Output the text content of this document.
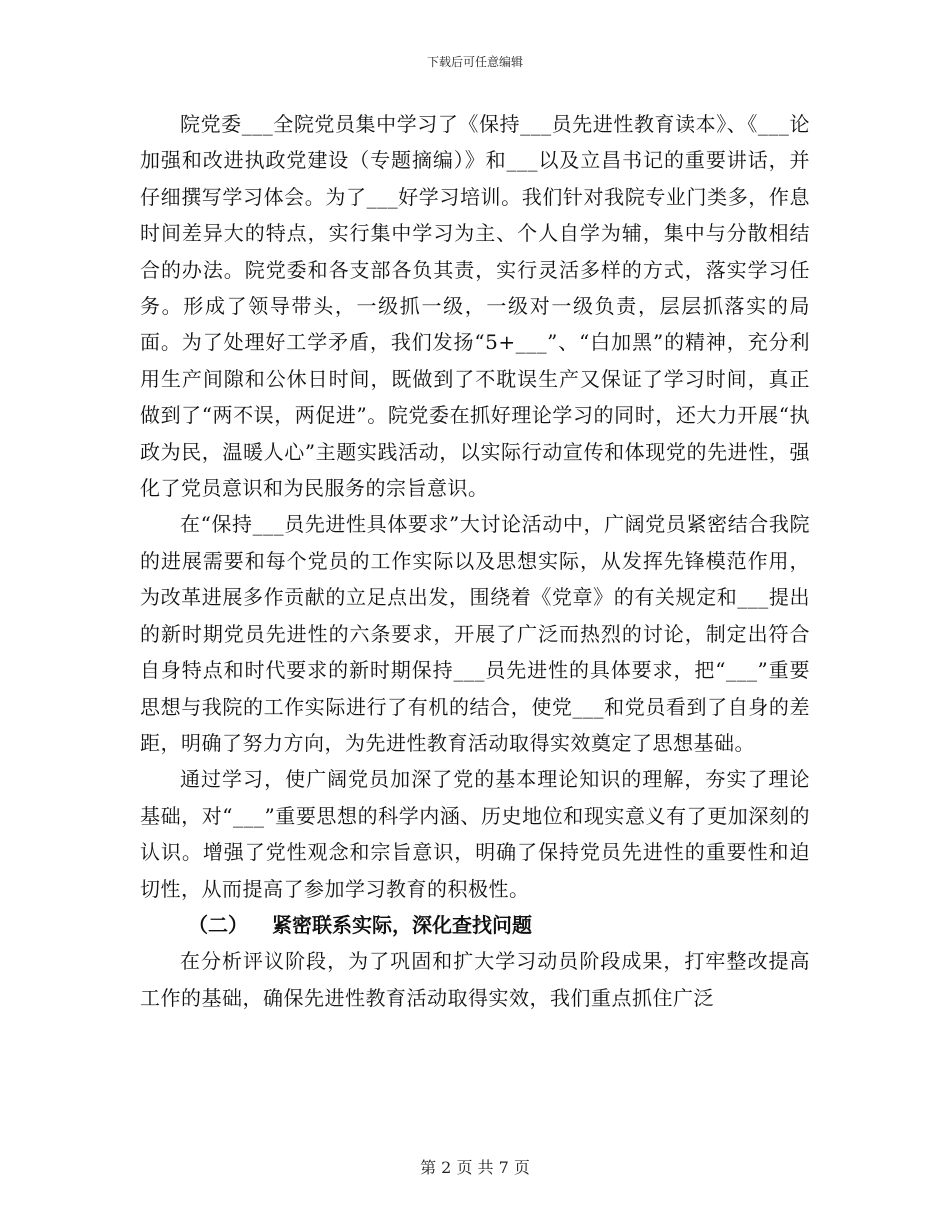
下载后可任意编辑

院党委___全院党员集中学习了《保持___员先进性教育读本》、《___论加强和改进执政党建设（专题摘编）》和___以及立昌书记的重要讲话，并仔细撰写学习体会。为了___好学习培训。我们针对我院专业门类多，作息时间差异大的特点，实行集中学习为主、个人自学为辅，集中与分散相结合的办法。院党委和各支部各负其责，实行灵活多样的方式，落实学习任务。形成了领导带头，一级抓一级，一级对一级负责，层层抓落实的局面。为了处理好工学矛盾，我们发扬“5+___”、“白加黑”的精神，充分利用生产间隙和公休日时间，既做到了不耽误生产又保证了学习时间，真正做到了“两不误，两促进”。院党委在抓好理论学习的同时，还大力开展“执政为民，温暖人心”主题实践活动，以实际行动宣传和体现党的先进性，强化了党员意识和为民服务的宗旨意识。

在“保持___员先进性具体要求”大讨论活动中，广阔党员紧密结合我院的进展需要和每个党员的工作实际以及思想实际，从发挥先锋模范作用，为改革进展多作贡献的立足点出发，围绕着《党章》的有关规定和___提出的新时期党员先进性的六条要求，开展了广泛而热烈的讨论，制定出符合自身特点和时代要求的新时期保持___员先进性的具体要求，把“___”重要思想与我院的工作实际进行了有机的结合，使党___和党员看到了自身的差距，明确了努力方向，为先进性教育活动取得实效奠定了思想基础。

通过学习，使广阔党员加深了党的基本理论知识的理解，夯实了理论基础，对“___”重要思想的科学内涵、历史地位和现实意义有了更加深刻的认识。增强了党性观念和宗旨意识，明确了保持党员先进性的重要性和迫切性，从而提高了参加学习教育的积极性。

（二） 紧密联系实际，深化查找问题

在分析评议阶段，为了巩固和扩大学习动员阶段成果，打牢整改提高工作的基础，确保先进性教育活动取得实效，我们重点抓住广泛

第 2 页 共 7 页
